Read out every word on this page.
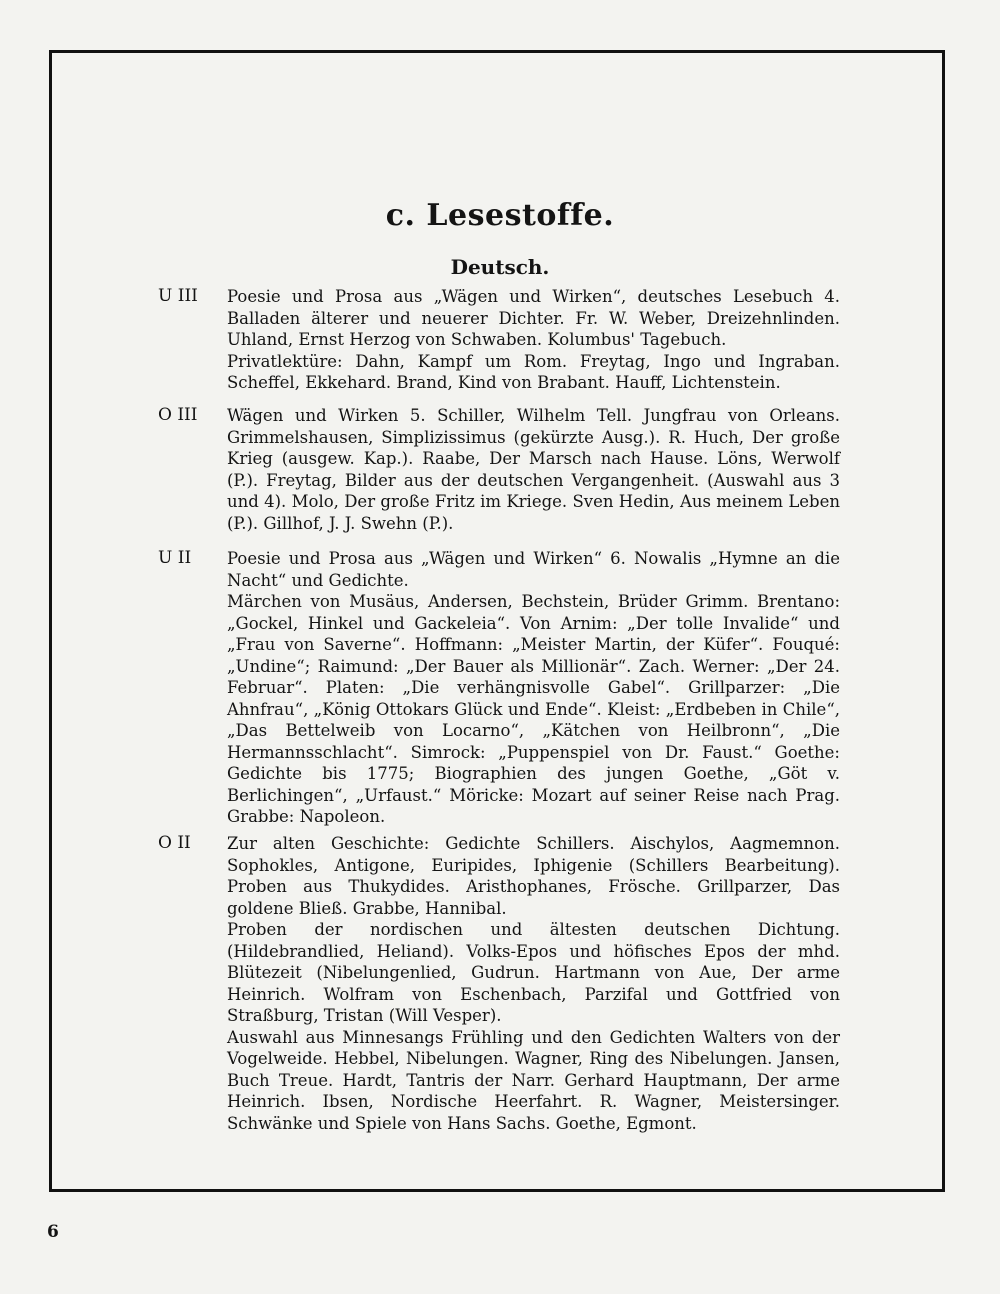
c. Lesestoffe.
Deutsch.
U III	Poesie und Prosa aus „Wägen und Wirken“, deutsches Lesebuch 4. Balladen älterer und neuerer Dichter. Fr. W. Weber, Dreizehnlinden. Uhland, Ernst Herzog von Schwaben. Kolumbus' Tagebuch.

Privatlektüre: Dahn, Kampf um Rom. Freytag, Ingo und Ingraban. Scheffel, Ekkehard. Brand, Kind von Brabant. Hauff, Lichtenstein.

O III	Wägen und Wirken 5. Schiller, Wilhelm Tell. Jungfrau von Orleans. Grimmelshausen, Simplizissimus (gekürzte Ausg.). R. Huch, Der große Krieg (ausgew. Kap.). Raabe, Der Marsch nach Hause. Löns, Werwolf (P.). Freytag, Bilder aus der deutschen Vergangenheit. (Auswahl aus 3 und 4). Molo, Der große Fritz im Kriege. Sven Hedin, Aus meinem Leben (P.). Gillhof, J. J. Swehn (P.).

U II	Poesie und Prosa aus „Wägen und Wirken“ 6. Nowalis „Hymne an die Nacht“ und Gedichte.

Märchen von Musäus, Andersen, Bechstein, Brüder Grimm. Brentano: „Gockel, Hinkel und Gackeleia“. Von Arnim: „Der tolle Invalide“ und „Frau von Saverne“. Hoffmann: „Meister Martin, der Küfer“. Fouqué: „Undine“; Raimund: „Der Bauer als Millionär“. Zach. Werner: „Der 24. Februar“. Platen: „Die verhängnisvolle Gabel“. Grillparzer: „Die Ahnfrau“, „König Ottokars Glück und Ende“. Kleist: „Erdbeben in Chile“, „Das Bettelweib von Locarno“, „Kätchen von Heilbronn“, „Die Hermannsschlacht“. Simrock: „Puppenspiel von Dr. Faust.“ Goethe: Gedichte bis 1775; Biographien des jungen Goethe, „Göt v. Berlichingen“, „Urfaust.“ Möricke: Mozart auf seiner Reise nach Prag. Grabbe: Napoleon.

O II	Zur alten Geschichte: Gedichte Schillers. Aischylos, Aagmemnon. Sophokles, Antigone, Euripides, Iphigenie (Schillers Bearbeitung). Proben aus Thukydides. Aristhophanes, Frösche. Grillparzer, Das goldene Bließ. Grabbe, Hannibal.

Proben der nordischen und ältesten deutschen Dichtung. (Hildebrandlied, Heliand). Volks-Epos und höfisches Epos der mhd. Blütezeit (Nibelungenlied, Gudrun. Hartmann von Aue, Der arme Heinrich. Wolfram von Eschenbach, Parzifal und Gottfried von Straßburg, Tristan (Will Vesper).

Auswahl aus Minnesangs Frühling und den Gedichten Walters von der Vogelweide. Hebbel, Nibelungen. Wagner, Ring des Nibelungen. Jansen, Buch Treue. Hardt, Tantris der Narr. Gerhard Hauptmann, Der arme Heinrich. Ibsen, Nordische Heerfahrt. R. Wagner, Meistersinger. Schwänke und Spiele von Hans Sachs. Goethe, Egmont.

6
